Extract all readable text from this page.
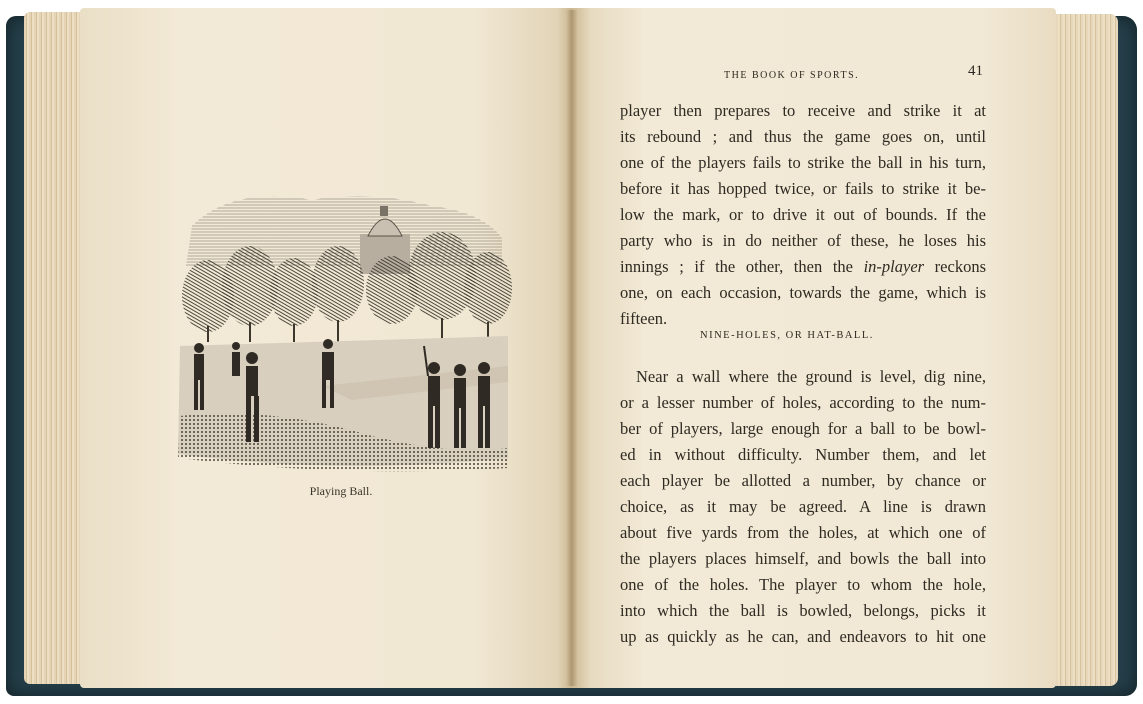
Playing Ball.
THE BOOK OF SPORTS.	41
player then prepares to receive and strike it at
its rebound ; and thus the game goes on, until
one of the players fails to strike the ball in his turn,
before it has hopped twice, or fails to strike it be-
low the mark, or to drive it out of bounds. If the
party who is in do neither of these, he loses his
innings ; if the other, then the in-player reckons
one, on each occasion, towards the game, which is
fifteen.
NINE-HOLES, OR HAT-BALL.
Near a wall where the ground is level, dig nine,
or a lesser number of holes, according to the num-
ber of players, large enough for a ball to be bowl-
ed in without difficulty. Number them, and let
each player be allotted a number, by chance or
choice, as it may be agreed. A line is drawn
about five yards from the holes, at which one of
the players places himself, and bowls the ball into
one of the holes. The player to whom the hole,
into which the ball is bowled, belongs, picks it
up as quickly as he can, and endeavors to hit one
